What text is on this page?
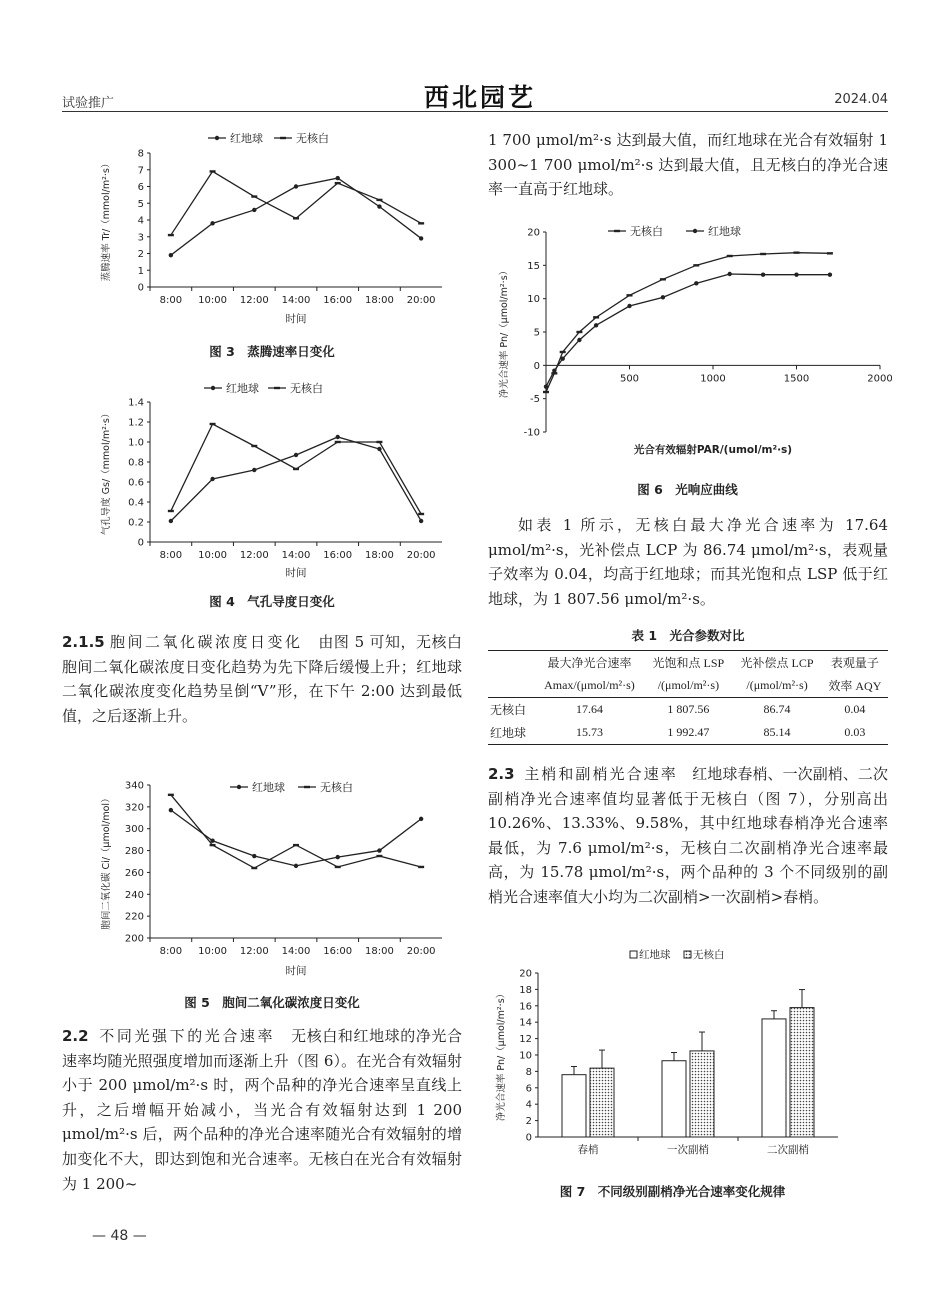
试验推广	西北园艺	2024.04
红地球	无核白
0
1
2
3
4
5
6
7
8
8:00 10:00 12:00 14:00 16:00 18:00 20:00
时间
蒸腾速率 Tr/（mmol/m²·s）
图 3　蒸腾速率日变化
红地球	无核白
0
0.2
0.4
0.6
0.8
1.0
1.2
1.4
8:00 10:00 12:00 14:00 16:00 18:00 20:00
时间
气孔导度 Gs/（mmol/m²·s）
图 4　气孔导度日变化

2.1.5 胞间二氧化碳浓度日变化 由图 5 可知，无核白胞间二氧化碳浓度日变化趋势为先下降后缓慢上升；红地球二氧化碳浓度变化趋势呈倒“V”形，在下午 2:00 达到最低值，之后逐渐上升。

红地球	无核白
200
220
240
260
280
300
320
340
8:00 10:00 12:00 14:00 16:00 18:00 20:00
时间
胞间二氧化碳 Ci/（μmol/mol）
图 5　胞间二氧化碳浓度日变化

2.2 不同光强下的光合速率 无核白和红地球的净光合速率均随光照强度增加而逐渐上升（图 6）。在光合有效辐射小于 200 μmol/m²·s 时，两个品种的净光合速率呈直线上升，之后增幅开始减小，当光合有效辐射达到 1 200 μmol/m²·s 后，两个品种的净光合速率随光合有效辐射的增加变化不大，即达到饱和光合速率。无核白在光合有效辐射为 1 200~

— 48 —

1 700 μmol/m²·s 达到最大值，而红地球在光合有效辐射 1 300~1 700 μmol/m²·s 达到最大值，且无核白的净光合速率一直高于红地球。

无核白	红地球
-10
-5
0
5
10
15
20
500	1000	1500	2000
光合有效辐射PAR/(umol/m²·s)
净光合速率 Pn/（μmol/m²·s）
图 6　光响应曲线

如表 1 所示，无核白最大净光合速率为 17.64 μmol/m²·s，光补偿点 LCP 为 86.74 μmol/m²·s，表观量子效率为 0.04，均高于红地球；而其光饱和点 LSP 低于红地球，为 1 807.56 μmol/m²·s。

表 1　光合参数对比
	最大净光合速率	光饱和点 LSP	光补偿点 LCP	表观量子
	Amax/(μmol/m²·s)	/(μmol/m²·s)	/(μmol/m²·s)	效率 AQY
无核白	17.64	1 807.56	86.74	0.04
红地球	15.73	1 992.47	85.14	0.03

2.3 主梢和副梢光合速率 红地球春梢、一次副梢、二次副梢净光合速率值均显著低于无核白（图 7），分别高出 10.26%、13.33%、9.58%，其中红地球春梢净光合速率最低，为 7.6 μmol/m²·s，无核白二次副梢净光合速率最高，为 15.78 μmol/m²·s，两个品种的 3 个不同级别的副梢光合速率值大小均为二次副梢>一次副梢>春梢。

红地球 无核白
0
2
4
6
8
10
12
14
16
18
20
春梢	一次副梢	二次副梢
净光合速率 Pn/（μmol/m²·s）
图 7　不同级别副梢净光合速率变化规律
